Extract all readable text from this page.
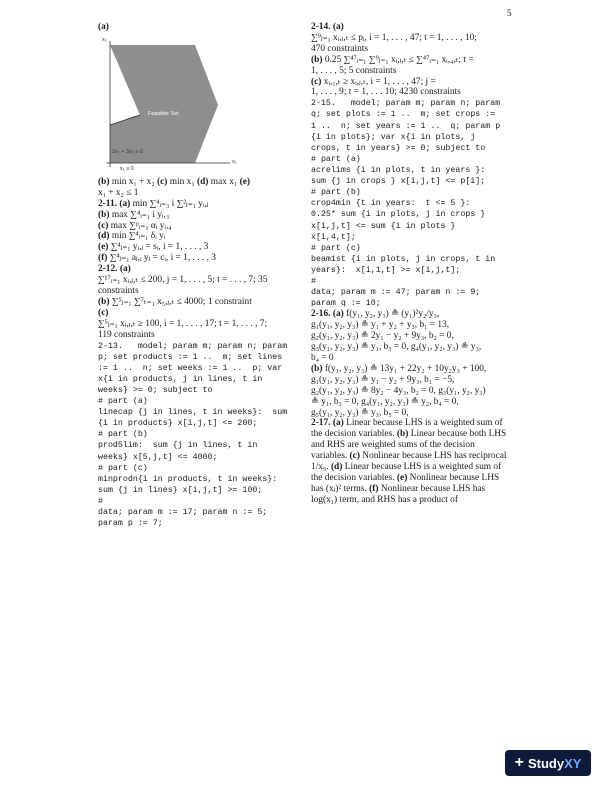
5
(a)
x₂
x₁
Feasible Set
2x₁ + 3x₂ ≥ 6
x₁ ≥ 0
(b) min x₁ + x₂ (c) min x₁ (d) max x₁ (e)
x₁ + x₂ ≤ 1
2-11. (a) min ∑⁴ᵢ₌₃ i ∑²ⱼ₌₁ yᵢ,ⱼ
(b) max ∑⁴ᵢ₌₁ i yᵢ,₃
(c) max ∑ᵖᵢ₌₁ αᵢ yᵢ,₄
(d) min ∑⁴ᵢ₌₁ δᵢ yᵢ
(e) ∑⁴ⱼ₌₁ yᵢ,ⱼ = sᵢ, i = 1, . . . , 3
(f) ∑⁴ⱼ₌₁ aⱼ,ᵢ yⱼ = cᵢ, i = 1, . . . , 3
2-12. (a)
∑¹⁷ᵢ₌₁ xᵢ,ⱼ,ₜ ≤ 200, j = 1, . . . , 5; t = . . . , 7; 35
constraints
(b) ∑⁵ⱼ₌₁ ∑⁷ₜ₌₁ x₅,ⱼ,ₜ ≤ 4000; 1 constraint
(c)
∑⁵ⱼ₌₁ xᵢ,ⱼ,ₜ ≥ 100, i = 1, . . . , 17; t = 1, . . . , 7;
119 constraints
2-13.   model; param m; param n; param
p; set products := 1 ..  m; set lines
:= 1 ..  n; set weeks := 1 ..  p; var
x{i in products, j in lines, t in
weeks} >= 0; subject to
# part (a)
linecap {j in lines, t in weeks}:  sum
{i in products} x[i,j,t] <= 200;
# part (b)
prod5lim:  sum {j in lines, t in
weeks} x[5,j,t] <= 4000;
# part (c)
minprodn{i in products, t in weeks}:
sum {j in lines} x[i,j,t] >= 100;
#
data; param m := 17; param n := 5;
param p := 7;
2-14. (a)
∑⁹ⱼ₌₁ xᵢ,ⱼ,ₜ ≤ pᵢ, i = 1, . . . , 47; t = 1, . . . , 10;
470 constraints
(b) 0.25 ∑⁴⁷ᵢ₌₁ ∑⁹ⱼ₌₁ xᵢ,ⱼ,ₜ ≤ ∑⁴⁷ᵢ₌₁ xᵢ,₄,ₜ; t =
1, . . . , 5; 5 constraints
(c) xᵢ,₁,ₜ ≥ xᵢ,ⱼ,ₜ, i = 1, . . . , 47; j =
1, . . . , 9; t = 1, . . . 10; 4230 constraints
2-15.   model; param m; param n; param
q; set plots := 1 ..  m; set crops :=
1 ..  n; set years := 1 ..  q; param p
{i in plots}; var x{i in plots, j
crops, t in years} >= 0; subject to
# part (a)
acrelims {i in plots, t in years }:
sum {j in crops } x[i,j,t] <= p[i];
# part (b)
crop4min {t in years:  t <= 5 }:
0.25* sum {i in plots, j in crops }
x[i,j,t] <= sum {i in plots }
x[i,4,t];
# part (c)
beam1st {i in plots, j in crops, t in
years}:  x[i,1,t] >= x[i,j,t];
#
data; param m := 47; param n := 9;
param q := 10;
2-16. (a) f(y₁, y₂, y₃) ≜ (y₁)²y₂/y₃,
g₁(y₁, y₂, y₃) ≜ y₁ + y₂ + y₃, b₁ = 13,
g₂(y₁, y₂, y₃) ≜ 2y₁ − y₂ + 9y₃, b₂ = 0,
g₃(y₁, y₂, y₃) ≜ y₁, b₃ = 0, g₄(y₁, y₂, y₃) ≜ y₃,
b₄ = 0
(b) f(y₁, y₂, y₃) ≜ 13y₁ + 22y₂ + 10y₂y₃ + 100,
g₁(y₁, y₂, y₃) ≜ y₁ − y₂ + 9y₃, b₁ = −5,
g₂(y₁, y₂, y₃) ≜ 8y₂ − 4y₃, b₂ = 0, g₃(y₁, y₂, y₃)
≜ y₁, b₃ = 0, g₄(y₁, y₂, y₃) ≜ y₂, b₄ = 0,
g₅(y₁, y₂, y₃) ≜ y₃, b₅ = 0,
2-17. (a) Linear because LHS is a weighted sum of the decision variables. (b) Linear because both LHS and RHS are weighted sums of the decision variables. (c) Nonlinear because LHS has reciprocal 1/x₉. (d) Linear because LHS is a weighted sum of the decision variables. (e) Nonlinear because LHS has (xⱼ)² terms. (f) Nonlinear because LHS has log(x₁) term, and RHS has a product of
+ StudyXY
